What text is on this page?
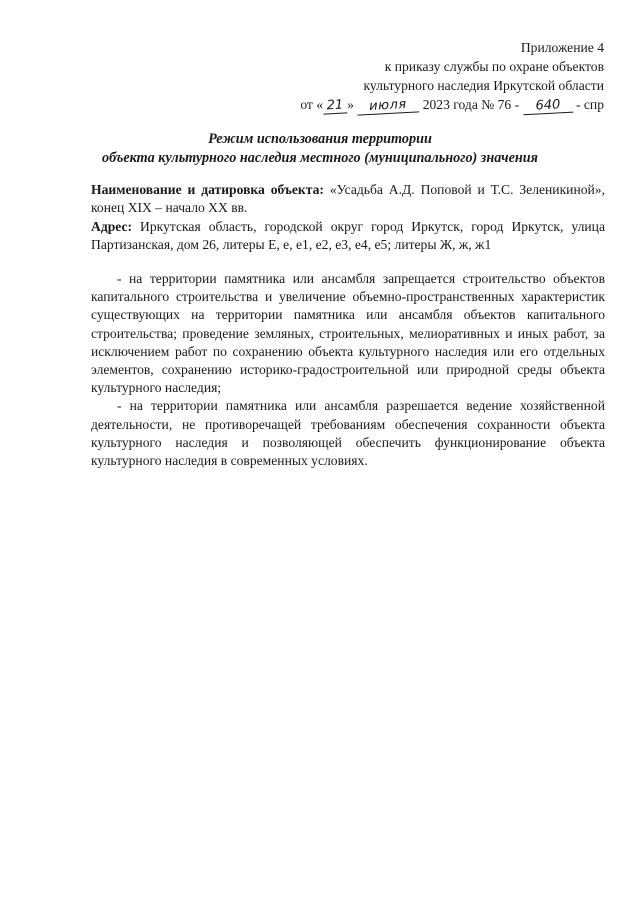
Приложение 4
к приказу службы по охране объектов
культурного наследия Иркутской области
от « 21 » июля 2023 года № 76 - 640 - спр
Режим использования территории
объекта культурного наследия местного (муниципального) значения
Наименование и датировка объекта: «Усадьба А.Д. Поповой и Т.С. Зеленикиной», конец XIX – начало XX вв.
Адрес: Иркутская область, городской округ город Иркутск, город Иркутск, улица Партизанская, дом 26, литеры Е, е, е1, е2, е3, е4, е5; литеры Ж, ж, ж1

- на территории памятника или ансамбля запрещается строительство объектов капитального строительства и увеличение объемно-пространственных характеристик существующих на территории памятника или ансамбля объектов капитального строительства; проведение земляных, строительных, мелиоративных и иных работ, за исключением работ по сохранению объекта культурного наследия или его отдельных элементов, сохранению историко-градостроительной или природной среды объекта культурного наследия;

- на территории памятника или ансамбля разрешается ведение хозяйственной деятельности, не противоречащей требованиям обеспечения сохранности объекта культурного наследия и позволяющей обеспечить функционирование объекта культурного наследия в современных условиях.
